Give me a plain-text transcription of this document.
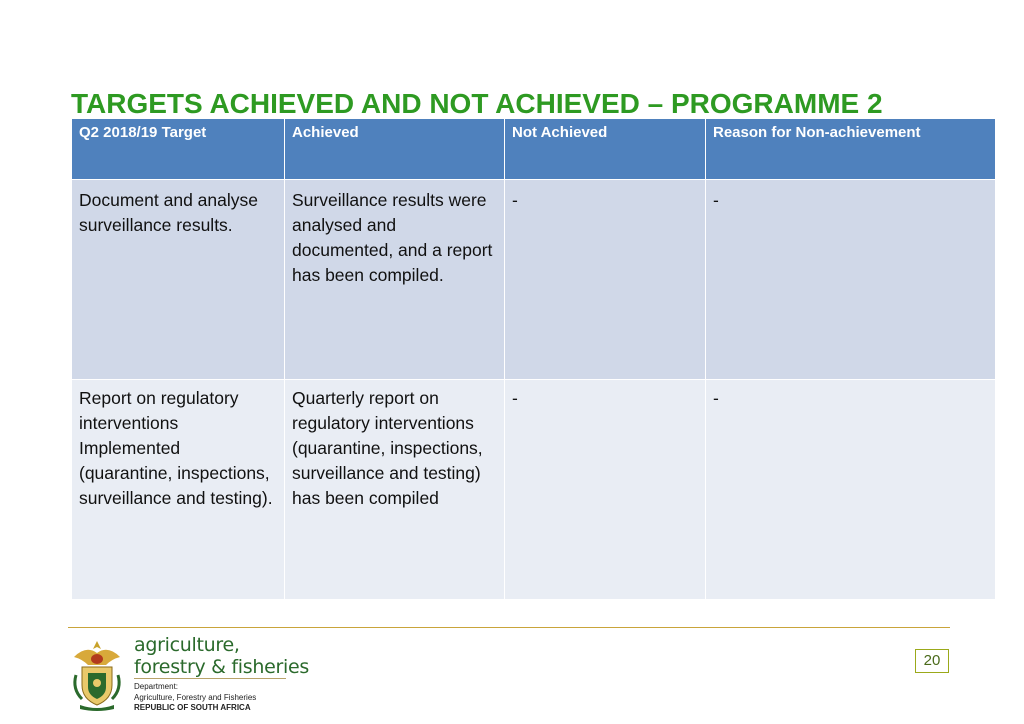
TARGETS ACHIEVED AND NOT ACHIEVED – PROGRAMME 2
Q2 2018/19 Target	Achieved	Not Achieved	Reason for Non-achievement
Document and analyse surveillance results.	Surveillance results were analysed and documented, and a report has been compiled.	-	-
Report on regulatory interventions Implemented (quarantine, inspections, surveillance and testing).	Quarterly report on regulatory interventions (quarantine, inspections, surveillance and testing) has been compiled	-	-
agriculture,
forestry & fisheries
Department:
Agriculture, Forestry and Fisheries
REPUBLIC OF SOUTH AFRICA
20
